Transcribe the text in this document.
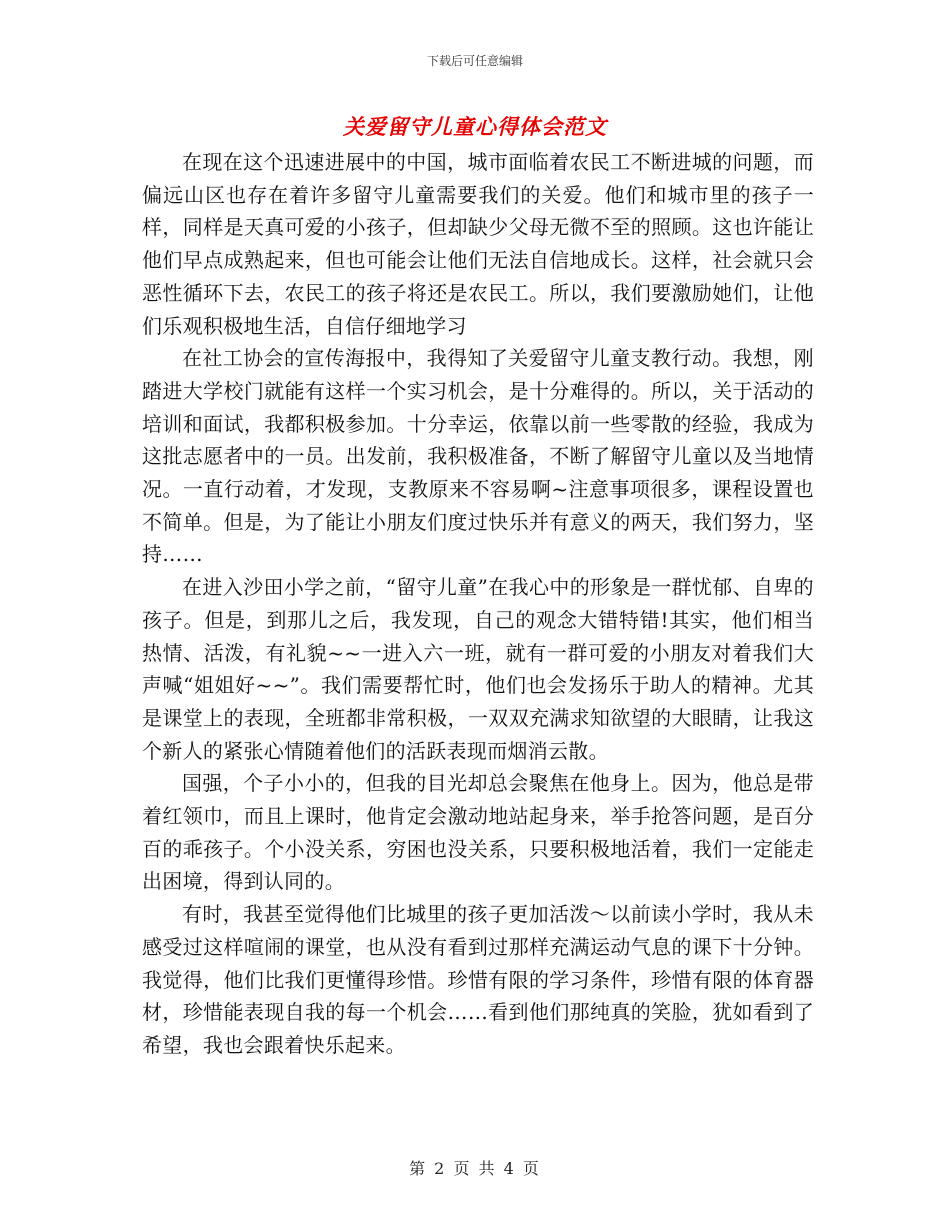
下载后可任意编辑
关爱留守儿童心得体会范文

在现在这个迅速进展中的中国，城市面临着农民工不断进城的问题，而偏远山区也存在着许多留守儿童需要我们的关爱。他们和城市里的孩子一样，同样是天真可爱的小孩子，但却缺少父母无微不至的照顾。这也许能让他们早点成熟起来，但也可能会让他们无法自信地成长。这样，社会就只会恶性循环下去，农民工的孩子将还是农民工。所以，我们要激励她们，让他们乐观积极地生活，自信仔细地学习

在社工协会的宣传海报中，我得知了关爱留守儿童支教行动。我想，刚踏进大学校门就能有这样一个实习机会，是十分难得的。所以，关于活动的培训和面试，我都积极参加。十分幸运，依靠以前一些零散的经验，我成为这批志愿者中的一员。出发前，我积极准备，不断了解留守儿童以及当地情况。一直行动着，才发现，支教原来不容易啊~注意事项很多，课程设置也不简单。但是，为了能让小朋友们度过快乐并有意义的两天，我们努力，坚持……

在进入沙田小学之前，“留守儿童”在我心中的形象是一群忧郁、自卑的孩子。但是，到那儿之后，我发现，自己的观念大错特错!其实，他们相当热情、活泼，有礼貌~~一进入六一班，就有一群可爱的小朋友对着我们大声喊“姐姐好~~”。我们需要帮忙时，他们也会发扬乐于助人的精神。尤其是课堂上的表现，全班都非常积极，一双双充满求知欲望的大眼睛，让我这个新人的紧张心情随着他们的活跃表现而烟消云散。

国强，个子小小的，但我的目光却总会聚焦在他身上。因为，他总是带着红领巾，而且上课时，他肯定会激动地站起身来，举手抢答问题，是百分百的乖孩子。个小没关系，穷困也没关系，只要积极地活着，我们一定能走出困境，得到认同的。

有时，我甚至觉得他们比城里的孩子更加活泼～以前读小学时，我从未感受过这样喧闹的课堂，也从没有看到过那样充满运动气息的课下十分钟。我觉得，他们比我们更懂得珍惜。珍惜有限的学习条件，珍惜有限的体育器材，珍惜能表现自我的每一个机会……看到他们那纯真的笑脸，犹如看到了希望，我也会跟着快乐起来。

第 2 页 共 4 页
